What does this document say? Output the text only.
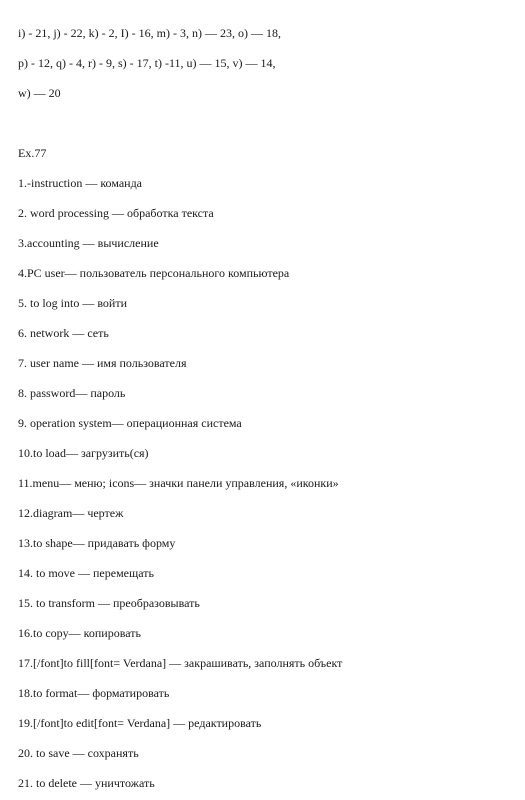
i) - 21, j) - 22, k) - 2, I) - 16, m) - 3, n) — 23, o) — 18,
p) - 12, q) - 4, r) - 9, s) - 17, t) -11, u) — 15, v) — 14,
w) — 20
Ex.77
1.-instruction — команда
2. word processing — обработка текста
3.accounting — вычисление
4.PC user— пользователь персонального компьютера
5. to log into — войти
6. network — сеть
7. user name — имя пользователя
8. password— пароль
9. operation system— операционная система
10.to load— загрузить(ся)
11.menu— меню; icons— значки панели управления, «иконки»
12.diagram— чертеж
13.to shape— придавать форму
14. to move — перемещать
15. to transform — преобразовывать
16.to copy— копировать
17.[/font]to fill[font= Verdana] — закрашивать, заполнять объект
18.to format— форматировать
19.[/font]to edit[font= Verdana] — редактировать
20. to save — сохранять
21. to delete — уничтожать
